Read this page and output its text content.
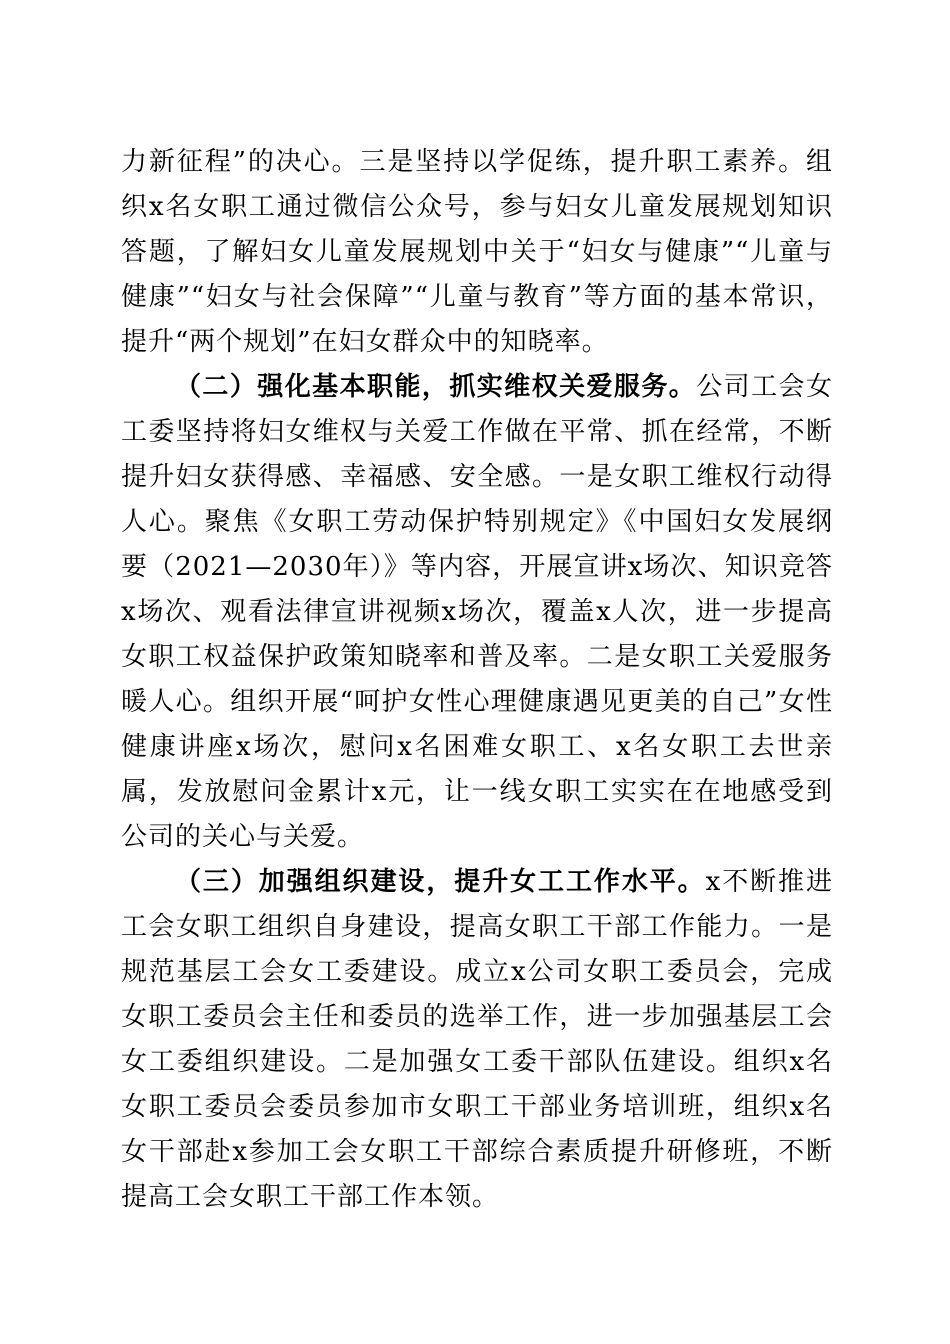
力新征程”的决心。三是坚持以学促练，提升职工素养。组织x名女职工通过微信公众号，参与妇女儿童发展规划知识答题，了解妇女儿童发展规划中关于“妇女与健康”“儿童与健康”“妇女与社会保障”“儿童与教育”等方面的基本常识，提升“两个规划”在妇女群众中的知晓率。

（二）强化基本职能，抓实维权关爱服务。公司工会女工委坚持将妇女维权与关爱工作做在平常、抓在经常，不断提升妇女获得感、幸福感、安全感。一是女职工维权行动得人心。聚焦《女职工劳动保护特别规定》《中国妇女发展纲要（2021—2030年）》等内容，开展宣讲x场次、知识竞答x场次、观看法律宣讲视频x场次，覆盖x人次，进一步提高女职工权益保护政策知晓率和普及率。二是女职工关爱服务暖人心。组织开展“呵护女性心理健康遇见更美的自己”女性健康讲座x场次，慰问x名困难女职工、x名女职工去世亲属，发放慰问金累计x元，让一线女职工实实在在地感受到公司的关心与关爱。

（三）加强组织建设，提升女工工作水平。x不断推进工会女职工组织自身建设，提高女职工干部工作能力。一是规范基层工会女工委建设。成立x公司女职工委员会，完成女职工委员会主任和委员的选举工作，进一步加强基层工会女工委组织建设。二是加强女工委干部队伍建设。组织x名女职工委员会委员参加市女职工干部业务培训班，组织x名女干部赴x参加工会女职工干部综合素质提升研修班，不断提高工会女职工干部工作本领。
